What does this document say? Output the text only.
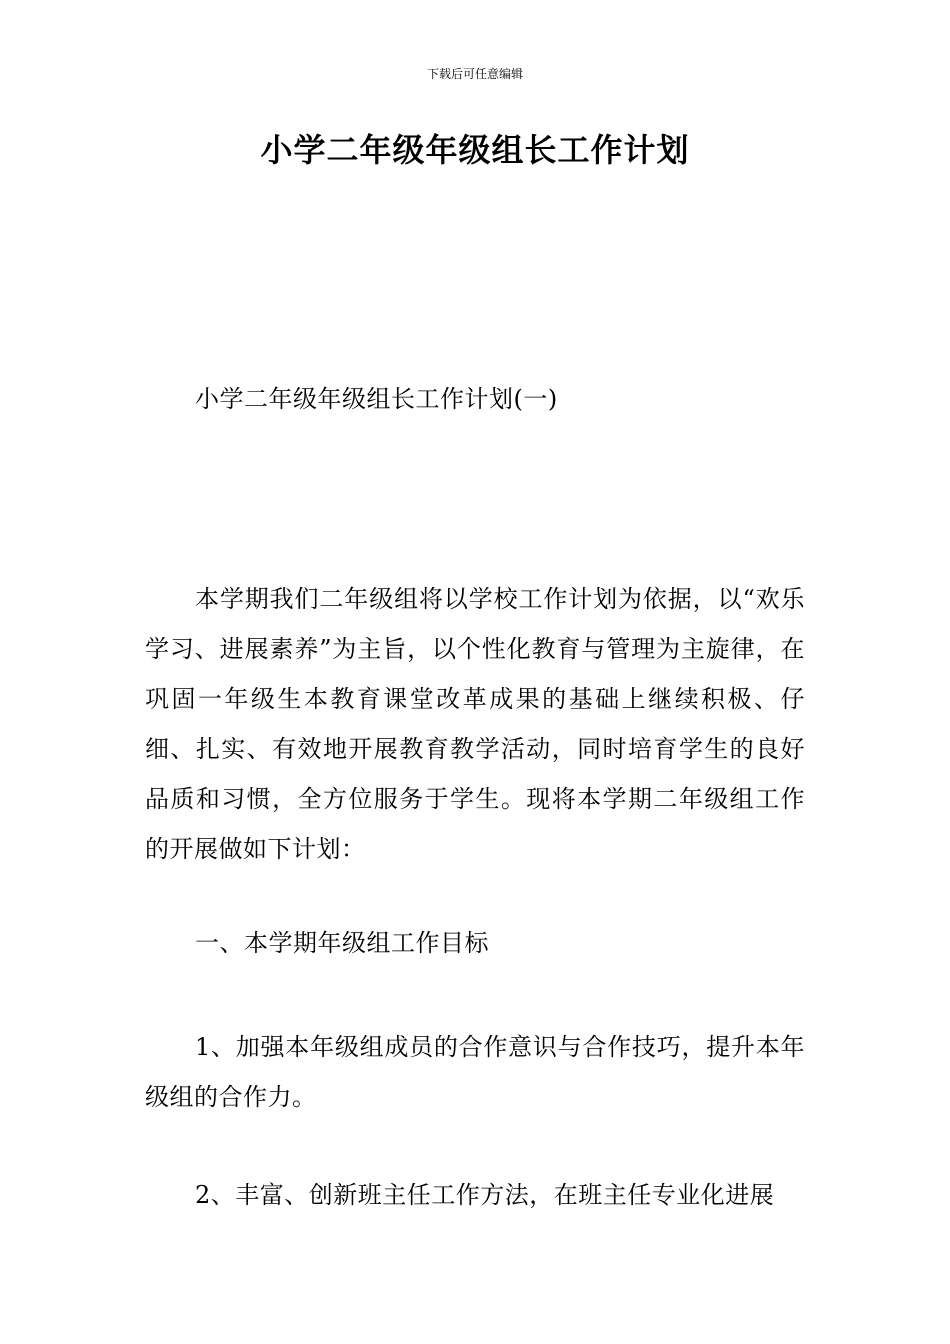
下载后可任意编辑
小学二年级年级组长工作计划

小学二年级年级组长工作计划(一)

本学期我们二年级组将以学校工作计划为依据，以“欢乐学习、进展素养”为主旨，以个性化教育与管理为主旋律，在巩固一年级生本教育课堂改革成果的基础上继续积极、仔细、扎实、有效地开展教育教学活动，同时培育学生的良好品质和习惯，全方位服务于学生。现将本学期二年级组工作的开展做如下计划：

一、本学期年级组工作目标

1、加强本年级组成员的合作意识与合作技巧，提升本年级组的合作力。

2、丰富、创新班主任工作方法，在班主任专业化进展
